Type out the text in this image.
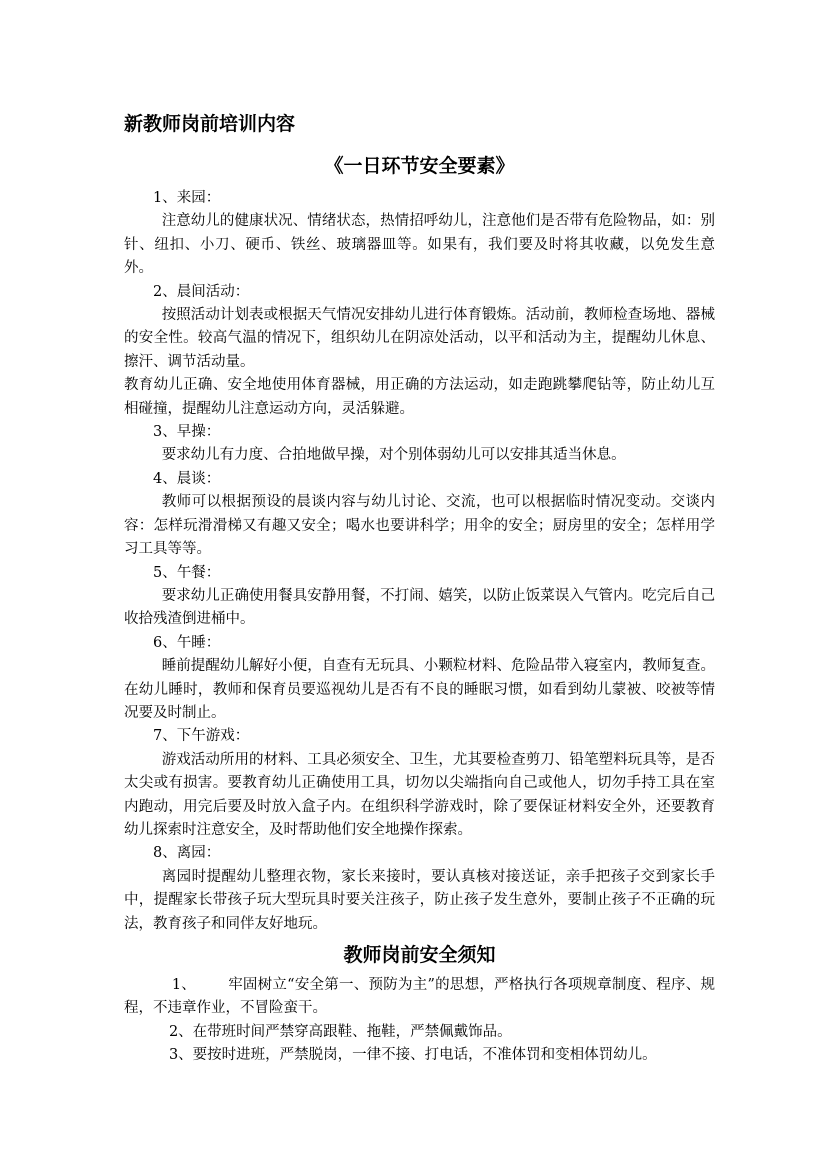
新教师岗前培训内容
《一日环节安全要素》

1、来园：

注意幼儿的健康状况、情绪状态，热情招呼幼儿，注意他们是否带有危险物品，如：别针、纽扣、小刀、硬币、铁丝、玻璃器皿等。如果有，我们要及时将其收藏，以免发生意外。

2、晨间活动：

按照活动计划表或根据天气情况安排幼儿进行体育锻炼。活动前，教师检查场地、器械的安全性。较高气温的情况下，组织幼儿在阴凉处活动，以平和活动为主，提醒幼儿休息、擦汗、调节活动量。

教育幼儿正确、安全地使用体育器械，用正确的方法运动，如走跑跳攀爬钻等，防止幼儿互相碰撞，提醒幼儿注意运动方向，灵活躲避。

3、早操：

要求幼儿有力度、合拍地做早操，对个别体弱幼儿可以安排其适当休息。

4、晨谈：

教师可以根据预设的晨谈内容与幼儿讨论、交流，也可以根据临时情况变动。交谈内容：怎样玩滑滑梯又有趣又安全；喝水也要讲科学；用伞的安全；厨房里的安全；怎样用学习工具等等。

5、午餐：

要求幼儿正确使用餐具安静用餐，不打闹、嬉笑，以防止饭菜误入气管内。吃完后自己收拾残渣倒进桶中。

6、午睡：

睡前提醒幼儿解好小便，自查有无玩具、小颗粒材料、危险品带入寝室内，教师复查。在幼儿睡时，教师和保育员要巡视幼儿是否有不良的睡眠习惯，如看到幼儿蒙被、咬被等情况要及时制止。

7、下午游戏：

游戏活动所用的材料、工具必须安全、卫生，尤其要检查剪刀、铅笔塑料玩具等，是否太尖或有损害。要教育幼儿正确使用工具，切勿以尖端指向自己或他人，切勿手持工具在室内跑动，用完后要及时放入盒子内。在组织科学游戏时，除了要保证材料安全外，还要教育幼儿探索时注意安全，及时帮助他们安全地操作探索。

8、离园：

离园时提醒幼儿整理衣物，家长来接时，要认真核对接送证，亲手把孩子交到家长手中，提醒家长带孩子玩大型玩具时要关注孩子，防止孩子发生意外，要制止孩子不正确的玩法，教育孩子和同伴友好地玩。

教师岗前安全须知

1、 牢固树立“安全第一、预防为主”的思想，严格执行各项规章制度、程序、规程，不违章作业，不冒险蛮干。

2、在带班时间严禁穿高跟鞋、拖鞋，严禁佩戴饰品。

3、要按时进班，严禁脱岗，一律不接、打电话，不准体罚和变相体罚幼儿。
